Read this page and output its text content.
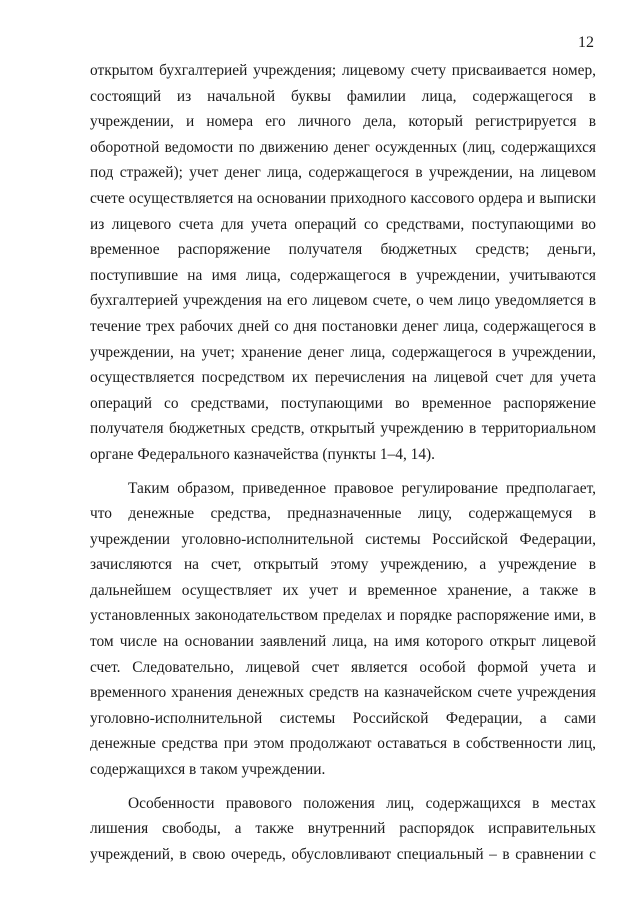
12
открытом бухгалтерией учреждения; лицевому счету присваивается номер,
состоящий из начальной буквы фамилии лица, содержащегося в
учреждении, и номера его личного дела, который регистрируется в
оборотной ведомости по движению денег осужденных (лиц, содержащихся
под стражей); учет денег лица, содержащегося в учреждении, на лицевом
счете осуществляется на основании приходного кассового ордера и выписки
из лицевого счета для учета операций со средствами, поступающими во
временное распоряжение получателя бюджетных средств; деньги,
поступившие на имя лица, содержащегося в учреждении, учитываются
бухгалтерией учреждения на его лицевом счете, о чем лицо уведомляется в
течение трех рабочих дней со дня постановки денег лица, содержащегося в
учреждении, на учет; хранение денег лица, содержащегося в учреждении,
осуществляется посредством их перечисления на лицевой счет для учета
операций со средствами, поступающими во временное распоряжение
получателя бюджетных средств, открытый учреждению в территориальном
органе Федерального казначейства (пункты 1–4, 14).
Таким образом, приведенное правовое регулирование предполагает,
что денежные средства, предназначенные лицу, содержащемуся в
учреждении уголовно-исполнительной системы Российской Федерации,
зачисляются на счет, открытый этому учреждению, а учреждение в
дальнейшем осуществляет их учет и временное хранение, а также в
установленных законодательством пределах и порядке распоряжение ими, в
том числе на основании заявлений лица, на имя которого открыт лицевой
счет. Следовательно, лицевой счет является особой формой учета и
временного хранения денежных средств на казначейском счете учреждения
уголовно-исполнительной системы Российской Федерации, а сами
денежные средства при этом продолжают оставаться в собственности лиц,
содержащихся в таком учреждении.
Особенности правового положения лиц, содержащихся в местах
лишения свободы, а также внутренний распорядок исправительных
учреждений, в свою очередь, обусловливают специальный – в сравнении с
